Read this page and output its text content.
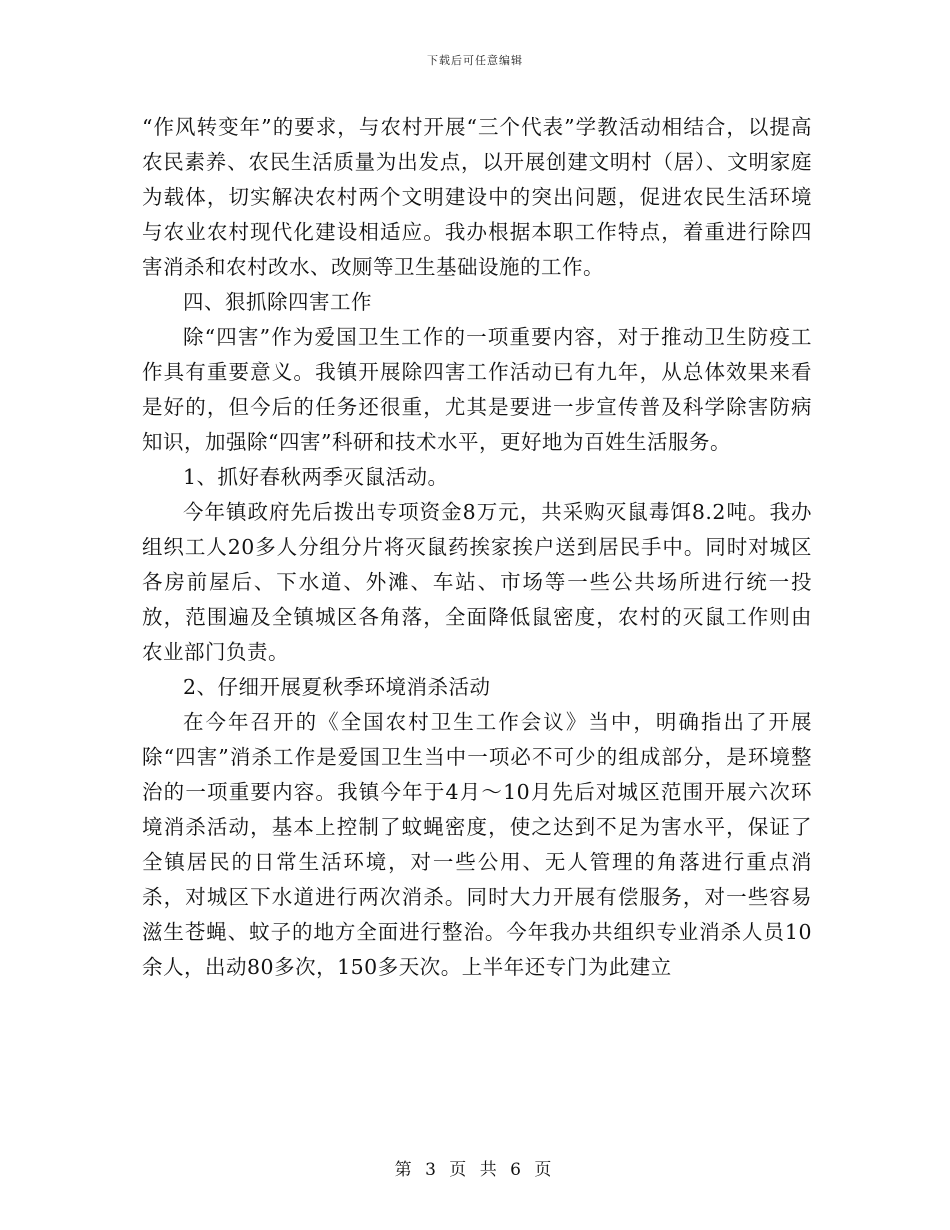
下载后可任意编辑

“作风转变年”的要求，与农村开展“三个代表”学教活动相结合，以提高农民素养、农民生活质量为出发点，以开展创建文明村（居）、文明家庭为载体，切实解决农村两个文明建设中的突出问题，促进农民生活环境与农业农村现代化建设相适应。我办根据本职工作特点，着重进行除四害消杀和农村改水、改厕等卫生基础设施的工作。

四、狠抓除四害工作

除“四害”作为爱国卫生工作的一项重要内容，对于推动卫生防疫工作具有重要意义。我镇开展除四害工作活动已有九年，从总体效果来看是好的，但今后的任务还很重，尤其是要进一步宣传普及科学除害防病知识，加强除“四害”科研和技术水平，更好地为百姓生活服务。

1、抓好春秋两季灭鼠活动。

今年镇政府先后拨出专项资金8万元，共采购灭鼠毒饵8.2吨。我办组织工人20多人分组分片将灭鼠药挨家挨户送到居民手中。同时对城区各房前屋后、下水道、外滩、车站、市场等一些公共场所进行统一投放，范围遍及全镇城区各角落，全面降低鼠密度，农村的灭鼠工作则由农业部门负责。

2、仔细开展夏秋季环境消杀活动

在今年召开的《全国农村卫生工作会议》当中，明确指出了开展除“四害”消杀工作是爱国卫生当中一项必不可少的组成部分，是环境整治的一项重要内容。我镇今年于4月～10月先后对城区范围开展六次环境消杀活动，基本上控制了蚊蝇密度，使之达到不足为害水平，保证了全镇居民的日常生活环境，对一些公用、无人管理的角落进行重点消杀，对城区下水道进行两次消杀。同时大力开展有偿服务，对一些容易滋生苍蝇、蚊子的地方全面进行整治。今年我办共组织专业消杀人员10余人，出动80多次，150多天次。上半年还专门为此建立

第 3 页 共 6 页
